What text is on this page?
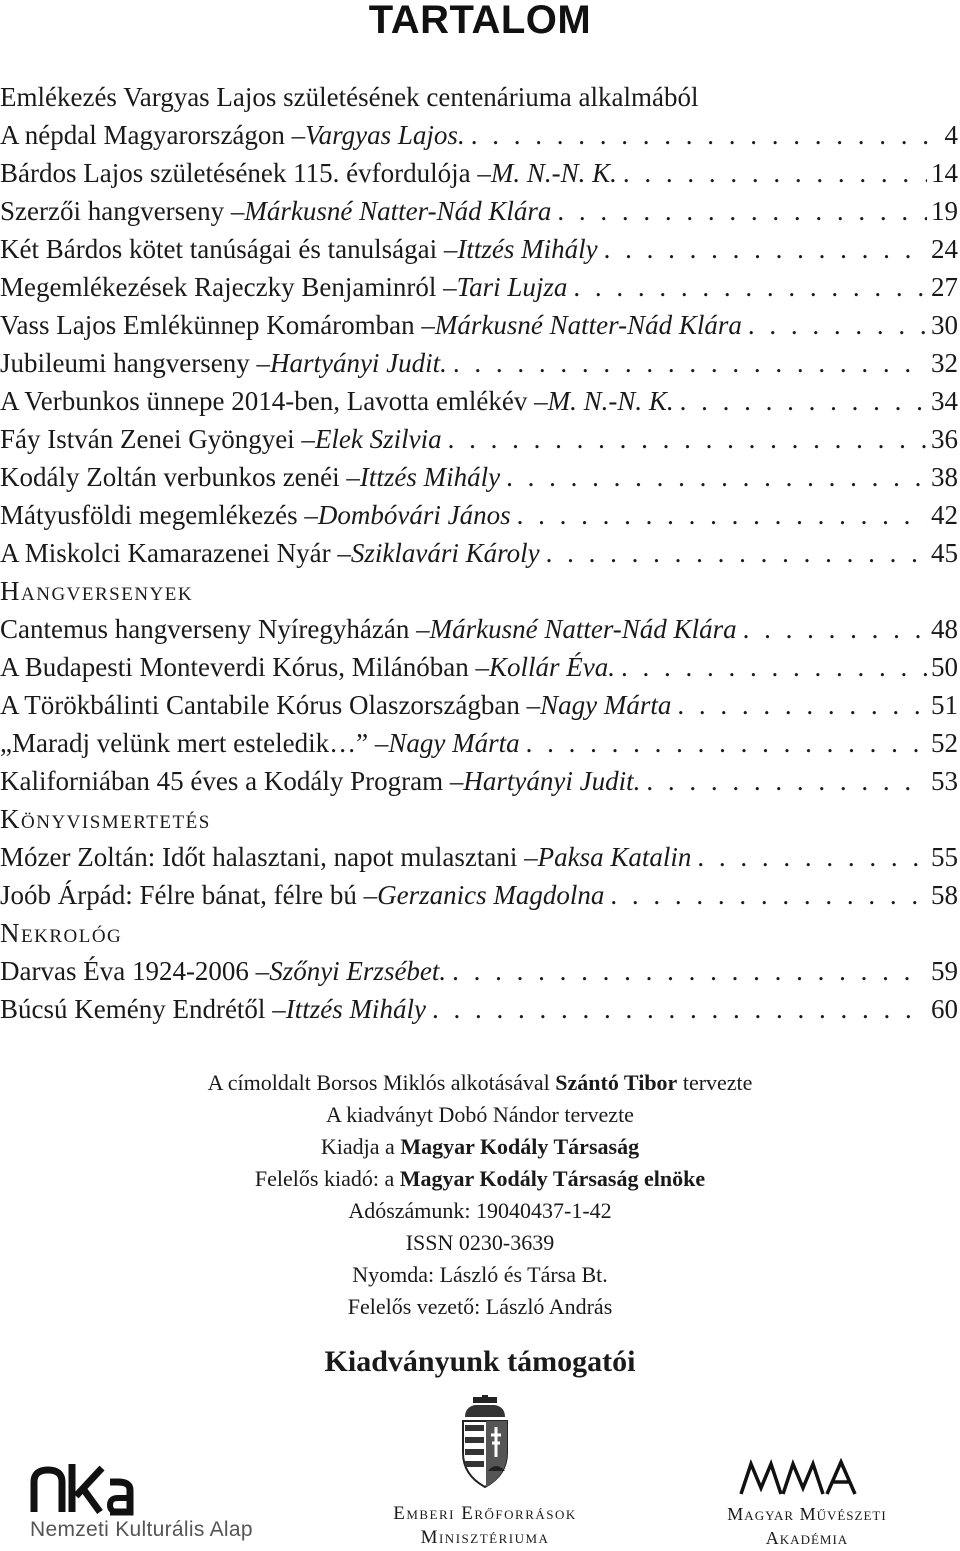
TARTALOM
Emlékezés Vargyas Lajos születésének centenáriuma alkalmából
A népdal Magyarországon – Vargyas Lajos. . . .	4
Bárdos Lajos születésének 115. évfordulója – M. N.-N. K. . . .	14
Szerzői hangverseny – Márkusné Natter-Nád Klára . . .	19
Két Bárdos kötet tanúságai és tanulságai – Ittzés Mihály . . .	24
Megemlékezések Rajeczky Benjaminról – Tari Lujza . . .	27
Vass Lajos Emlékünnep Komáromban – Márkusné Natter-Nád Klára . . .	30
Jubileumi hangverseny – Hartyányi Judit. . . .	32
A Verbunkos ünnepe 2014-ben, Lavotta emlékév – M. N.-N. K. . . .	34
Fáy István Zenei Gyöngyei – Elek Szilvia . . .	36
Kodály Zoltán verbunkos zenéi – Ittzés Mihály . . .	38
Mátyusföldi megemlékezés – Dombóvári János . . .	42
A Miskolci Kamarazenei Nyár – Sziklavári Károly . . .	45
Hangversenyek
Cantemus hangverseny Nyíregyházán – Márkusné Natter-Nád Klára . . .	48
A Budapesti Monteverdi Kórus, Milánóban – Kollár Éva. . . .	50
A Törökbálinti Cantabile Kórus Olaszországban – Nagy Márta . . .	51
„Maradj velünk mert esteledik…” – Nagy Márta . . .	52
Kaliforniában 45 éves a Kodály Program – Hartyányi Judit. . . .	53
Könyvismertetés
Mózer Zoltán: Időt halasztani, napot mulasztani – Paksa Katalin . . .	55
Joób Árpád: Félre bánat, félre bú – Gerzanics Magdolna . . .	58
Nekrológ
Darvas Éva 1924-2006 – Szőnyi Erzsébet. . . .	59
Búcsú Kemény Endrétől – Ittzés Mihály . . .	60
A címoldalt Borsos Miklós alkotásával Szántó Tibor tervezte
A kiadványt Dobó Nándor tervezte
Kiadja a Magyar Kodály Társaság
Felelős kiadó: a Magyar Kodály Társaság elnöke
Adószámunk: 19040437-1-42
ISSN 0230-3639
Nyomda: László és Társa Bt.
Felelős vezető: László András
Kiadványunk támogatói
Nemzeti Kulturális Alap
Emberi Erőforrások
Minisztériuma
Magyar Művészeti
Akadémia
